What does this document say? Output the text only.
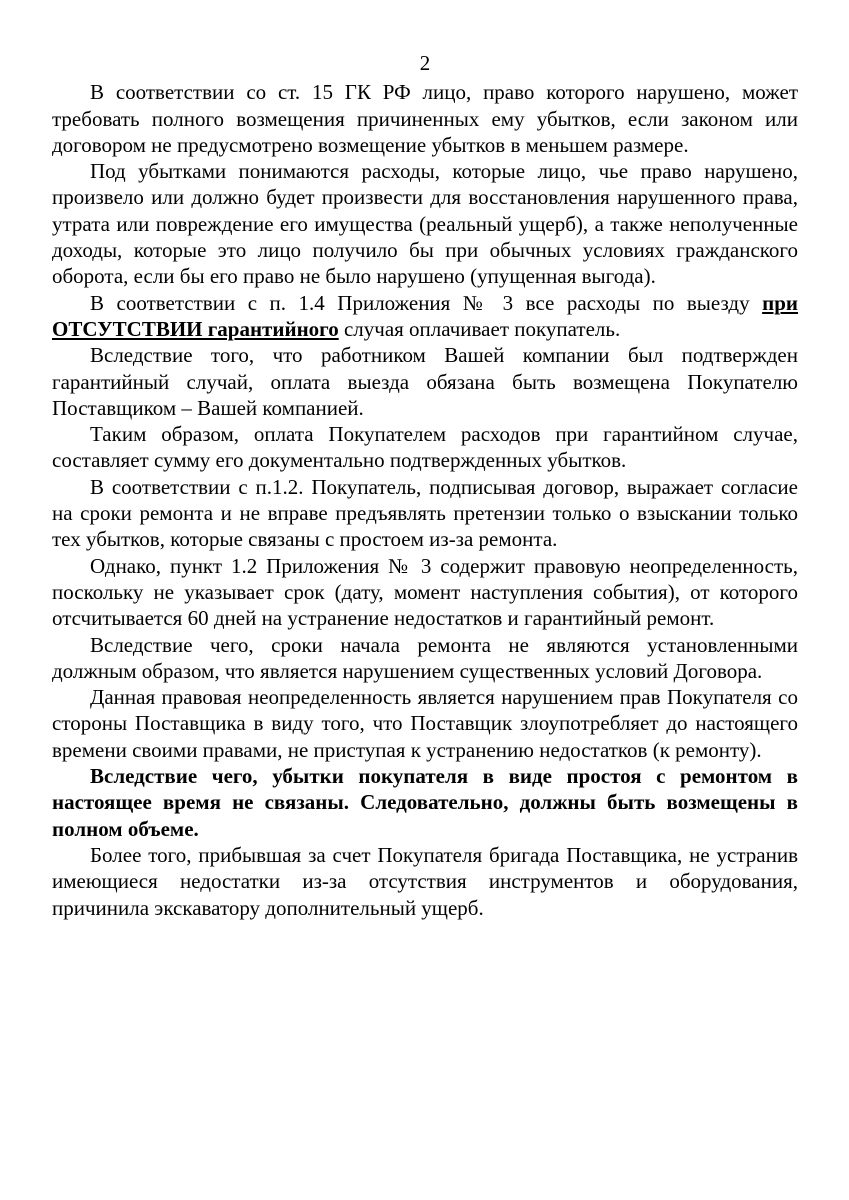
2

В соответствии со ст. 15 ГК РФ лицо, право которого нарушено, может требовать полного возмещения причиненных ему убытков, если законом или договором не предусмотрено возмещение убытков в меньшем размере.

Под убытками понимаются расходы, которые лицо, чье право нарушено, произвело или должно будет произвести для восстановления нарушенного права, утрата или повреждение его имущества (реальный ущерб), а также неполученные доходы, которые это лицо получило бы при обычных условиях гражданского оборота, если бы его право не было нарушено (упущенная выгода).

В соответствии с п. 1.4 Приложения № 3 все расходы по выезду при ОТСУТСТВИИ гарантийного случая оплачивает покупатель.

Вследствие того, что работником Вашей компании был подтвержден гарантийный случай, оплата выезда обязана быть возмещена Покупателю Поставщиком – Вашей компанией.

Таким образом, оплата Покупателем расходов при гарантийном случае, составляет сумму его документально подтвержденных убытков.

В соответствии с п.1.2. Покупатель, подписывая договор, выражает согласие на сроки ремонта и не вправе предъявлять претензии только о взыскании только тех убытков, которые связаны с простоем из-за ремонта.

Однако, пункт 1.2 Приложения № 3 содержит правовую неопределенность, поскольку не указывает срок (дату, момент наступления события), от которого отсчитывается 60 дней на устранение недостатков и гарантийный ремонт.

Вследствие чего, сроки начала ремонта не являются установленными должным образом, что является нарушением существенных условий Договора.

Данная правовая неопределенность является нарушением прав Покупателя со стороны Поставщика в виду того, что Поставщик злоупотребляет до настоящего времени своими правами, не приступая к устранению недостатков (к ремонту).

Вследствие чего, убытки покупателя в виде простоя с ремонтом в настоящее время не связаны. Следовательно, должны быть возмещены в полном объеме.

Более того, прибывшая за счет Покупателя бригада Поставщика, не устранив имеющиеся недостатки из-за отсутствия инструментов и оборудования, причинила экскаватору дополнительный ущерб.
